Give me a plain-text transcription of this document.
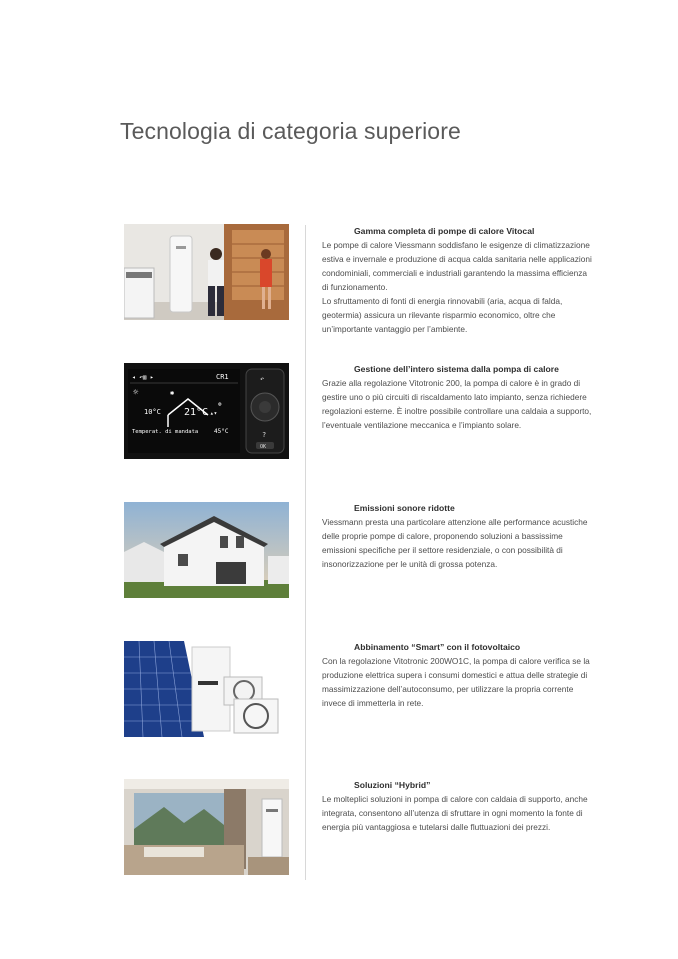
Tecnologia di categoria superiore
Gamma completa di pompe di calore Vitocal

Le pompe di calore Viessmann soddisfano le esigenze di climatizzazione estiva e invernale e produzione di acqua calda sanitaria nelle applicazioni condominiali, commerciali e industriali garantendo la massima efficienza di funzionamento.

Lo sfruttamento di fonti di energia rinnovabili (aria, acqua di falda, geotermia) assicura un rilevante risparmio economico, oltre che un’importante vantaggio per l’ambiente.

◂ ↶▥ ▸	CR1
☼	✱
10°C 21°C ▴▾
⊗
Temperat. di mandata	45°C
↶
?
OK
Gestione dell’intero sistema dalla pompa di calore

Grazie alla regolazione Vitotronic 200, la pompa di calore è in grado di gestire uno o più circuiti di riscaldamento lato impianto, senza richiedere regolazioni esterne. È inoltre possibile controllare una caldaia a supporto, l’eventuale ventilazione meccanica e l’impianto solare.

Emissioni sonore ridotte

Viessmann presta una particolare attenzione alle performance acustiche delle proprie pompe di calore, proponendo soluzioni a bassissime emissioni specifiche per il settore residenziale, o con possibilità di insonorizzazione per le unità di grossa potenza.

Abbinamento “Smart” con il fotovoltaico

Con la regolazione Vitotronic 200WO1C, la pompa di calore verifica se la produzione elettrica supera i consumi domestici e attua delle strategie di massimizzazione dell’autoconsumo, per utilizzare la propria corrente invece di immetterla in rete.

Soluzioni “Hybrid”

Le molteplici soluzioni in pompa di calore con caldaia di supporto, anche integrata, consentono all’utenza di sfruttare in ogni momento la fonte di energia più vantaggiosa e tutelarsi dalle fluttuazioni dei prezzi.
